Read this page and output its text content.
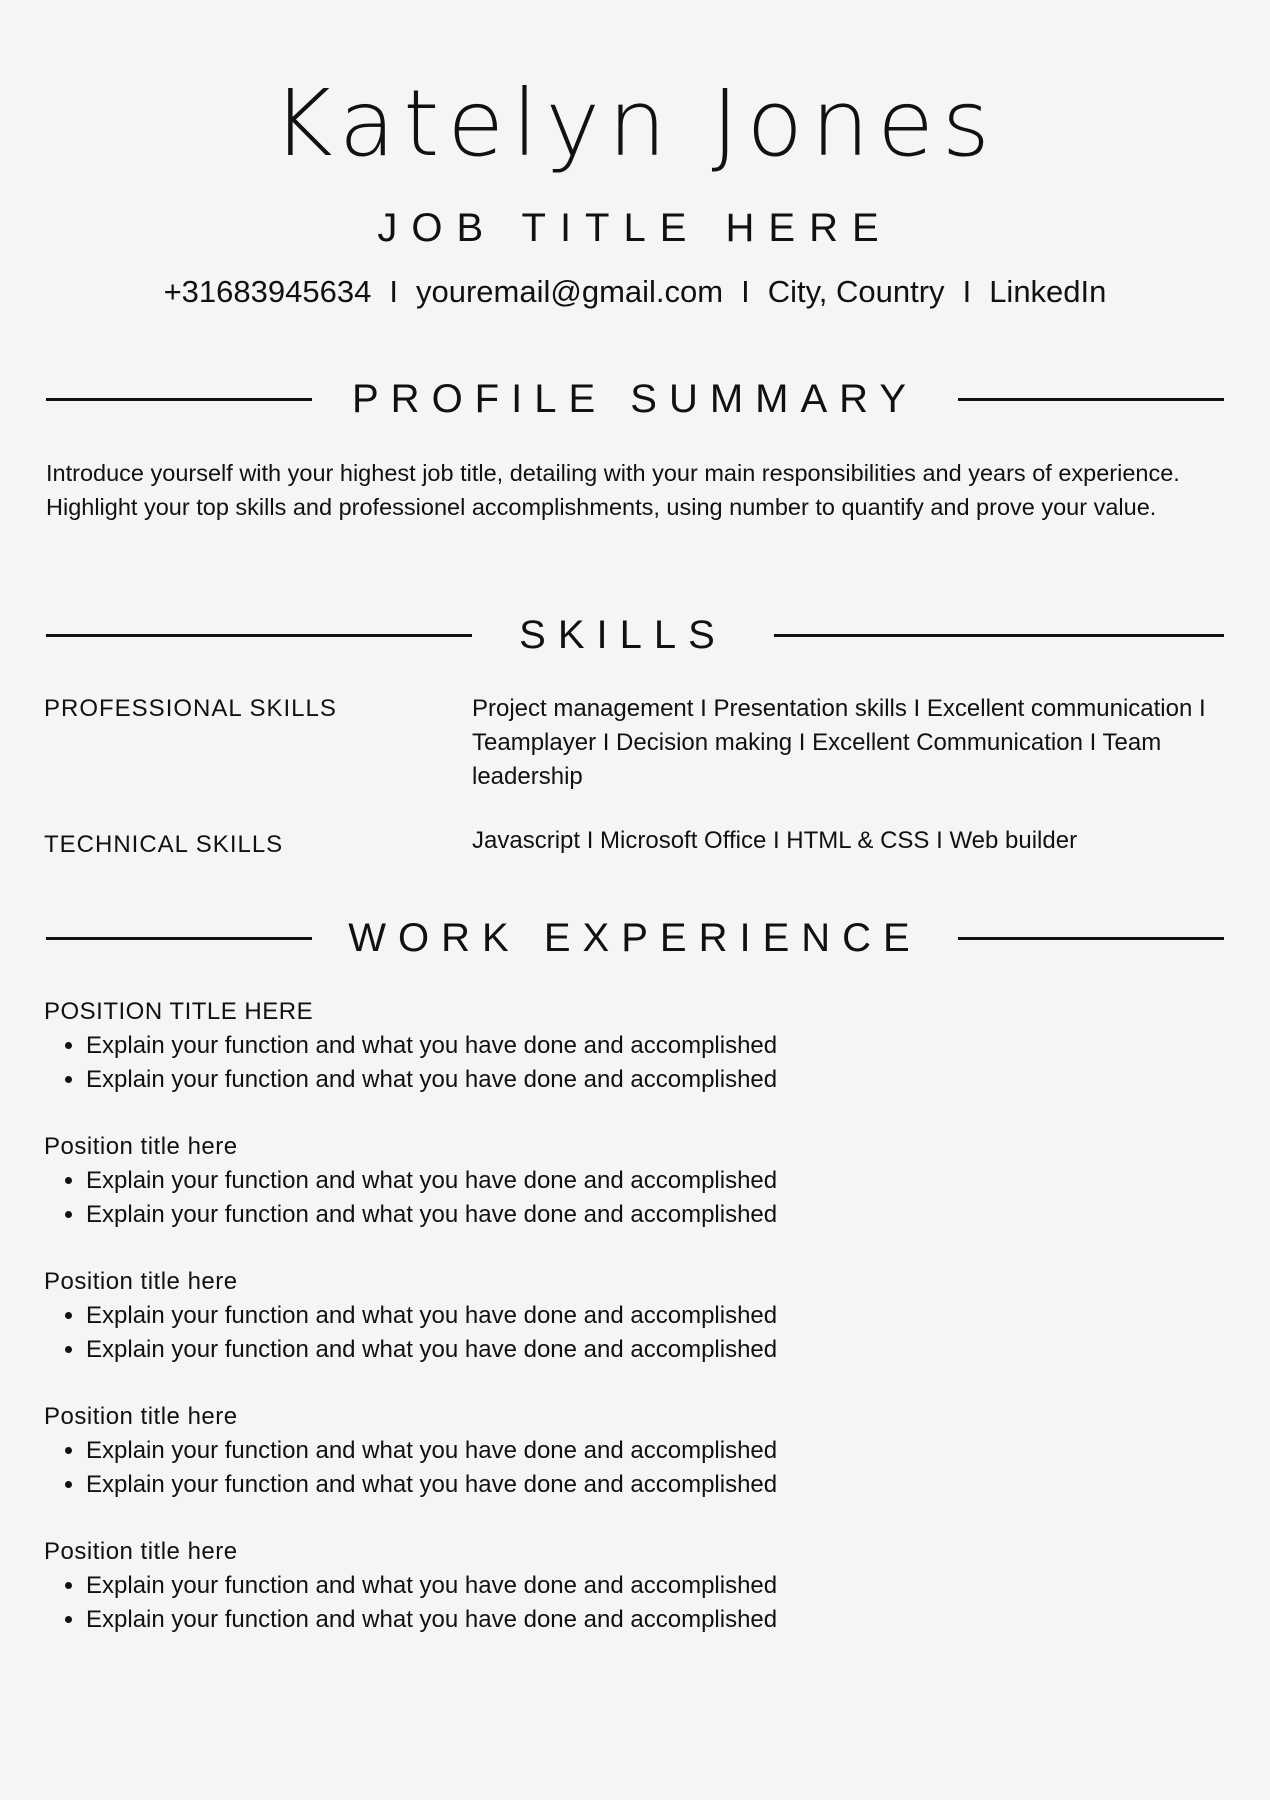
Katelyn Jones
JOB TITLE HERE
+31683945634 I youremail@gmail.com I City, Country I LinkedIn
PROFILE SUMMARY
Introduce yourself with your highest job title, detailing with your main responsibilities and years of experience. Highlight your top skills and professionel accomplishments, using number to quantify and prove your value.
SKILLS
PROFESSIONAL SKILLS	Project management I Presentation skills I Excellent communication I Teamplayer I Decision making I Excellent Communication I Team leadership
TECHNICAL SKILLS	Javascript I Microsoft Office I HTML & CSS I Web builder
WORK EXPERIENCE
POSITION TITLE HERE
• Explain your function and what you have done and accomplished
• Explain your function and what you have done and accomplished
Position title here
• Explain your function and what you have done and accomplished
• Explain your function and what you have done and accomplished
Position title here
• Explain your function and what you have done and accomplished
• Explain your function and what you have done and accomplished
Position title here
• Explain your function and what you have done and accomplished
• Explain your function and what you have done and accomplished
Position title here
• Explain your function and what you have done and accomplished
• Explain your function and what you have done and accomplished
